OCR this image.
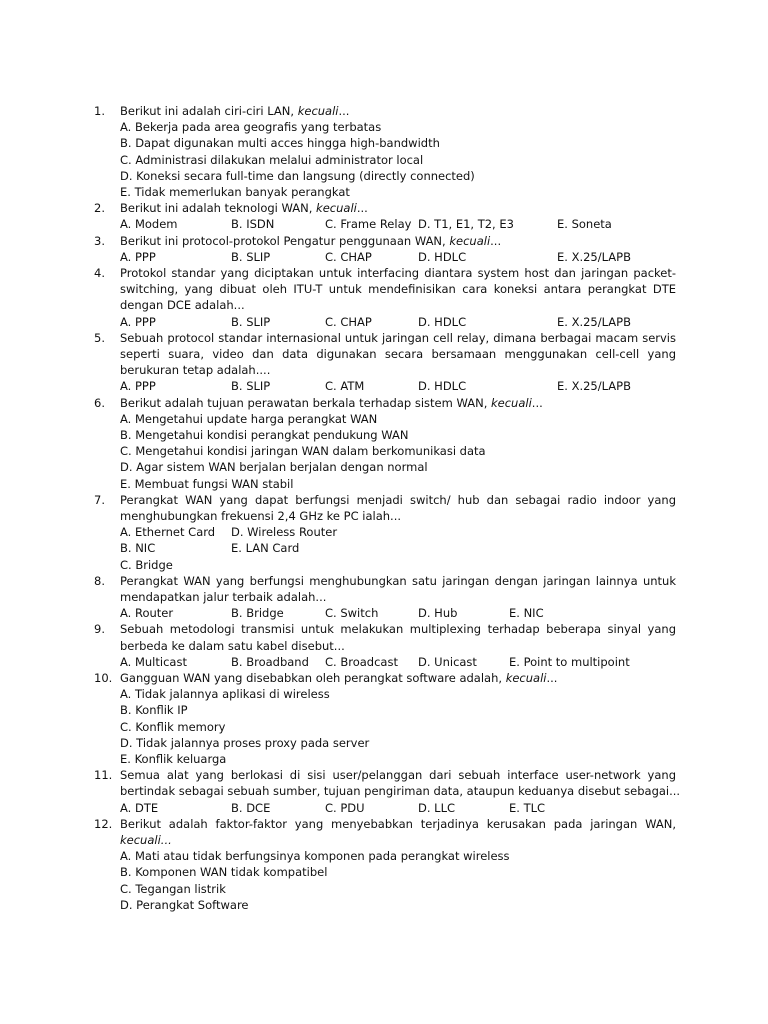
1.	Berikut ini adalah ciri-ciri LAN, kecuali...
A. Bekerja pada area geografis yang terbatas
B. Dapat digunakan multi acces hingga high-bandwidth
C. Administrasi dilakukan melalui administrator local
D. Koneksi secara full-time dan langsung (directly connected)
E. Tidak memerlukan banyak perangkat
2.	Berikut ini adalah teknologi WAN, kecuali...
A. Modem	B. ISDN	C. Frame Relay D. T1, E1, T2, E3	E. Soneta
3.	Berikut ini protocol-protokol Pengatur penggunaan WAN, kecuali...
A. PPP	B. SLIP	C. CHAP	D. HDLC	E. X.25/LAPB
4.	Protokol standar yang diciptakan untuk interfacing diantara system host dan jaringan packet-
switching, yang dibuat oleh ITU-T untuk mendefinisikan cara koneksi antara perangkat DTE
dengan DCE adalah...
A. PPP	B. SLIP	C. CHAP	D. HDLC	E. X.25/LAPB
5.	Sebuah protocol standar internasional untuk jaringan cell relay, dimana berbagai macam servis
seperti suara, video dan data digunakan secara bersamaan menggunakan cell-cell yang
berukuran tetap adalah....
A. PPP	B. SLIP	C. ATM	D. HDLC	E. X.25/LAPB
6.	Berikut adalah tujuan perawatan berkala terhadap sistem WAN, kecuali...
A. Mengetahui update harga perangkat WAN
B. Mengetahui kondisi perangkat pendukung WAN
C. Mengetahui kondisi jaringan WAN dalam berkomunikasi data
D. Agar sistem WAN berjalan berjalan dengan normal
E. Membuat fungsi WAN stabil
7.	Perangkat WAN yang dapat berfungsi menjadi switch/ hub dan sebagai radio indoor yang
menghubungkan frekuensi 2,4 GHz ke PC ialah...
A. Ethernet Card D. Wireless Router
B. NIC	E. LAN Card
C. Bridge
8.	Perangkat WAN yang berfungsi menghubungkan satu jaringan dengan jaringan lainnya untuk
mendapatkan jalur terbaik adalah...
A. Router	B. Bridge	C. Switch	D. Hub	E. NIC
9.	Sebuah metodologi transmisi untuk melakukan multiplexing terhadap beberapa sinyal yang
berbeda ke dalam satu kabel disebut...
A. Multicast	B. Broadband C. Broadcast D. Unicast	E. Point to multipoint
10. Gangguan WAN yang disebabkan oleh perangkat software adalah, kecuali...
A. Tidak jalannya aplikasi di wireless
B. Konflik IP
C. Konflik memory
D. Tidak jalannya proses proxy pada server
E. Konflik keluarga
11. Semua alat yang berlokasi di sisi user/pelanggan dari sebuah interface user-network yang
bertindak sebagai sebuah sumber, tujuan pengiriman data, ataupun keduanya disebut sebagai...
A. DTE	B. DCE	C. PDU	D. LLC	E. TLC
12. Berikut adalah faktor-faktor yang menyebabkan terjadinya kerusakan pada jaringan WAN,
kecuali...
A. Mati atau tidak berfungsinya komponen pada perangkat wireless
B. Komponen WAN tidak kompatibel
C. Tegangan listrik
D. Perangkat Software
